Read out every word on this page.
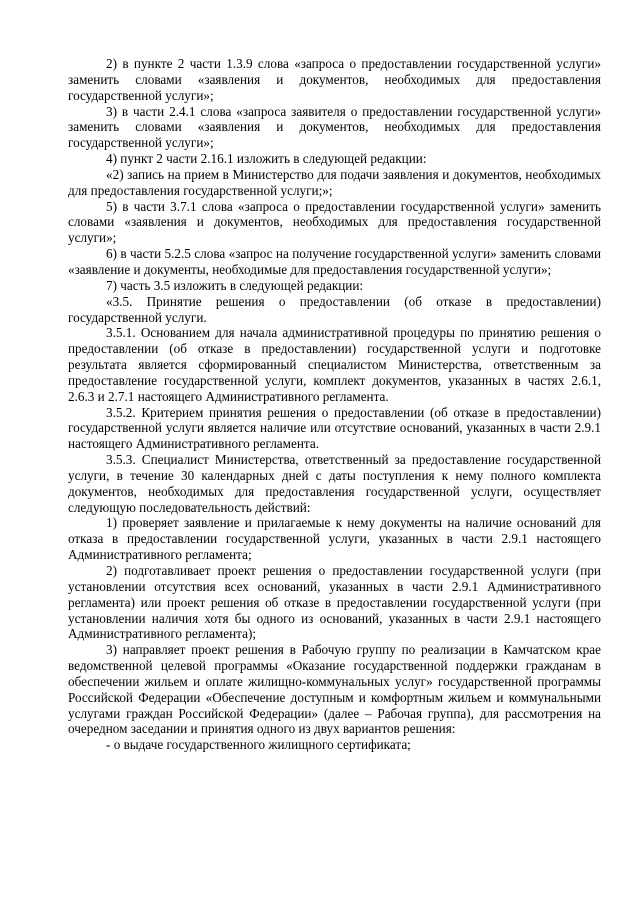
2) в пункте 2 части 1.3.9 слова «запроса о предоставлении государственной услуги» заменить словами «заявления и документов, необходимых для предоставления государственной услуги»;

3) в части 2.4.1 слова «запроса заявителя о предоставлении государственной услуги» заменить словами «заявления и документов, необходимых для предоставления государственной услуги»;

4) пункт 2 части 2.16.1 изложить в следующей редакции:

«2) запись на прием в Министерство для подачи заявления и документов, необходимых для предоставления государственной услуги;»;

5) в части 3.7.1 слова «запроса о предоставлении государственной услуги» заменить словами «заявления и документов, необходимых для предоставления государственной услуги»;

6) в части 5.2.5 слова «запрос на получение государственной услуги» заменить словами «заявление и документы, необходимые для предоставления государственной услуги»;

7) часть 3.5 изложить в следующей редакции:

«3.5. Принятие решения о предоставлении (об отказе в предоставлении) государственной услуги.

3.5.1. Основанием для начала административной процедуры по принятию решения о предоставлении (об отказе в предоставлении) государственной услуги и подготовке результата является сформированный специалистом Министерства, ответственным за предоставление государственной услуги, комплект документов, указанных в частях 2.6.1, 2.6.3 и 2.7.1 настоящего Административного регламента.

3.5.2. Критерием принятия решения о предоставлении (об отказе в предоставлении) государственной услуги является наличие или отсутствие оснований, указанных в части 2.9.1 настоящего Административного регламента.

3.5.3. Специалист Министерства, ответственный за предоставление государственной услуги, в течение 30 календарных дней с даты поступления к нему полного комплекта документов, необходимых для предоставления государственной услуги, осуществляет следующую последовательность действий:

1) проверяет заявление и прилагаемые к нему документы на наличие оснований для отказа в предоставлении государственной услуги, указанных в части 2.9.1 настоящего Административного регламента;

2) подготавливает проект решения о предоставлении государственной услуги (при установлении отсутствия всех оснований, указанных в части 2.9.1 Административного регламента) или проект решения об отказе в предоставлении государственной услуги (при установлении наличия хотя бы одного из оснований, указанных в части 2.9.1 настоящего Административного регламента);

3) направляет проект решения в Рабочую группу по реализации в Камчатском крае ведомственной целевой программы «Оказание государственной поддержки гражданам в обеспечении жильем и оплате жилищно-коммунальных услуг» государственной программы Российской Федерации «Обеспечение доступным и комфортным жильем и коммунальными услугами граждан Российской Федерации» (далее – Рабочая группа), для рассмотрения на очередном заседании и принятия одного из двух вариантов решения:

- о выдаче государственного жилищного сертификата;
